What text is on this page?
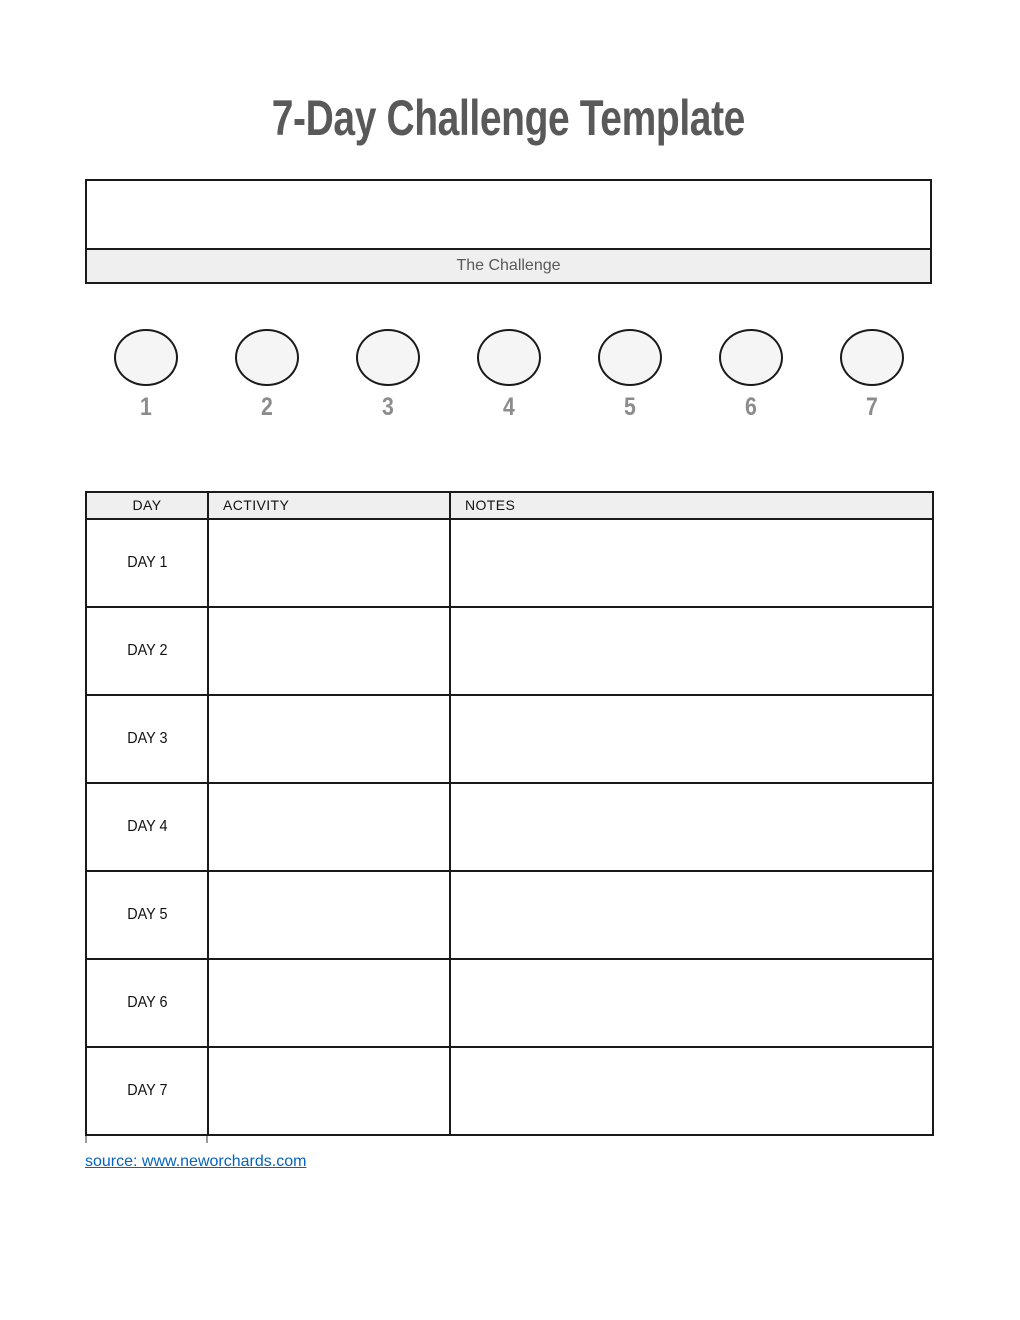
7-Day Challenge Template
The Challenge
1	2	3	4	5	6	7
DAY	ACTIVITY	NOTES
DAY 1		
DAY 2		
DAY 3		
DAY 4		
DAY 5		
DAY 6		
DAY 7		
source: www.neworchards.com
